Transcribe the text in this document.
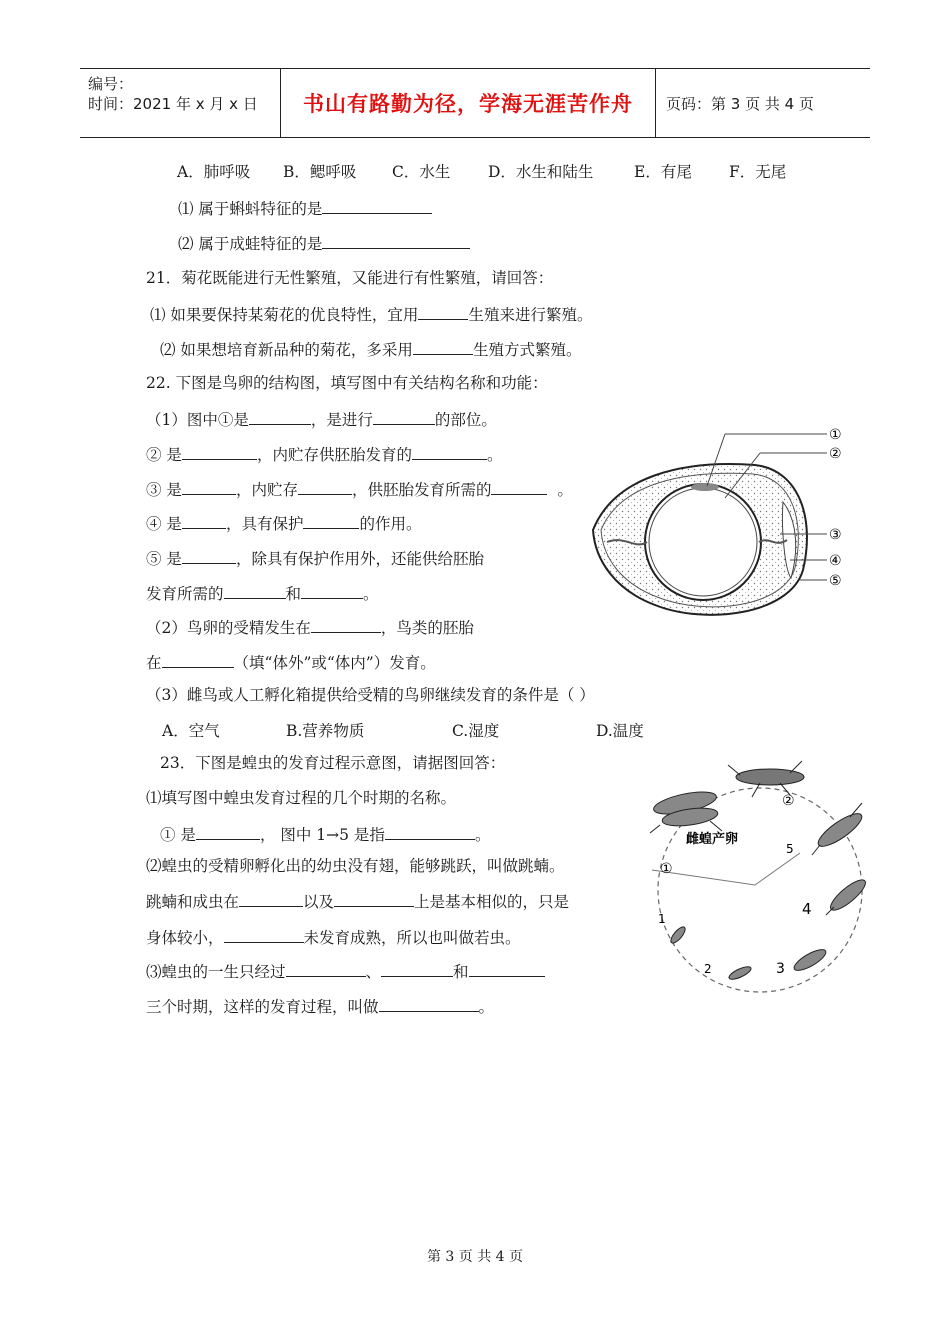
编号：
时间：2021 年 x 月 x 日 书山有路勤为径，学海无涯苦作舟 页码：第 3 页 共 4 页
A．肺呼吸 B．鳃呼吸 C．水生 D．水生和陆生	E．有尾 F．无尾
⑴ 属于蝌蚪特征的是
⑵ 属于成蛙特征的是
21．菊花既能进行无性繁殖，又能进行有性繁殖，请回答：
⑴ 如果要保持某菊花的优良特性，宜用	生殖来进行繁殖。
⑵ 如果想培育新品种的菊花，多采用	生殖方式繁殖。
22. 下图是鸟卵的结构图，填写图中有关结构名称和功能：
（1）图中①是	，是进行	的部位。
② 是	，内贮存供胚胎发育的	。
③ 是	，内贮存	，供胚胎发育所需的	。
④ 是	，具有保护	的作用。
⑤ 是	，除具有保护作用外，还能供给胚胎
发育所需的	和	。
（2）鸟卵的受精发生在	，鸟类的胚胎
在	（填“体外”或“体内”）发育。
（3）雌鸟或人工孵化箱提供给受精的鸟卵继续发育的条件是（ ）
A．空气	B.营养物质	C.湿度	D.温度
①
②
③
④
⑤
23．下图是蝗虫的发育过程示意图，请据图回答：
⑴填写图中蝗虫发育过程的几个时期的名称。
① 是	， 图中 1→5 是指	。
⑵蝗虫的受精卵孵化出的幼虫没有翅，能够跳跃，叫做跳蝻。
跳蝻和成虫在	以及	上是基本相似的，只是
身体较小，	未发育成熟，所以也叫做若虫。
⑶蝗虫的一生只经过	、	和
三个时期，这样的发育过程，叫做	。
雌蝗产卵
①
②
1
2	3
4
5
第 3 页 共 4 页
